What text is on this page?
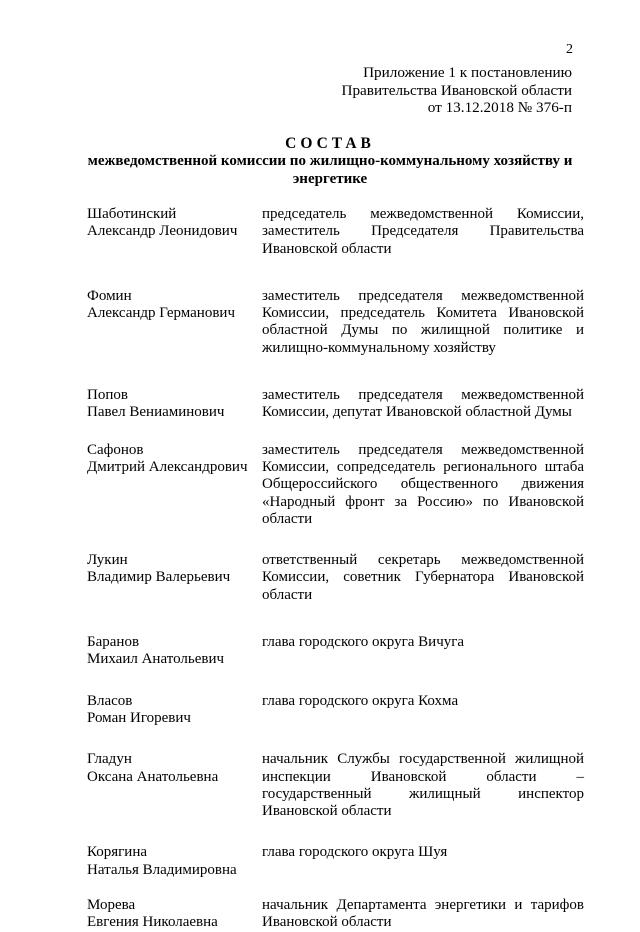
2
Приложение 1 к постановлению
Правительства Ивановской области
от 13.12.2018 № 376-п
СОСТАВ
межведомственной комиссии по жилищно-коммунальному хозяйству и энергетике
Шаботинский
Александр Леонидович
председатель межведомственной Комиссии, заместитель Председателя Правительства Ивановской области
Фомин
Александр Германович
заместитель председателя межведомственной Комиссии, председатель Комитета Ивановской областной Думы по жилищной политике и жилищно-коммунальному хозяйству
Попов
Павел Вениаминович
заместитель председателя межведомственной Комиссии, депутат Ивановской областной Думы
Сафонов
Дмитрий Александрович
заместитель председателя межведомственной Комиссии, сопредседатель регионального штаба Общероссийского общественного движения «Народный фронт за Россию» по Ивановской области
Лукин
Владимир Валерьевич
ответственный секретарь межведомственной Комиссии, советник Губернатора Ивановской области
Баранов
Михаил Анатольевич
глава городского округа Вичуга
Власов
Роман Игоревич
глава городского округа Кохма
Гладун
Оксана Анатольевна
начальник Службы государственной жилищной инспекции Ивановской области – государственный жилищный инспектор Ивановской области
Корягина
Наталья Владимировна
глава городского округа Шуя
Морева
Евгения Николаевна
начальник Департамента энергетики и тарифов Ивановской области
